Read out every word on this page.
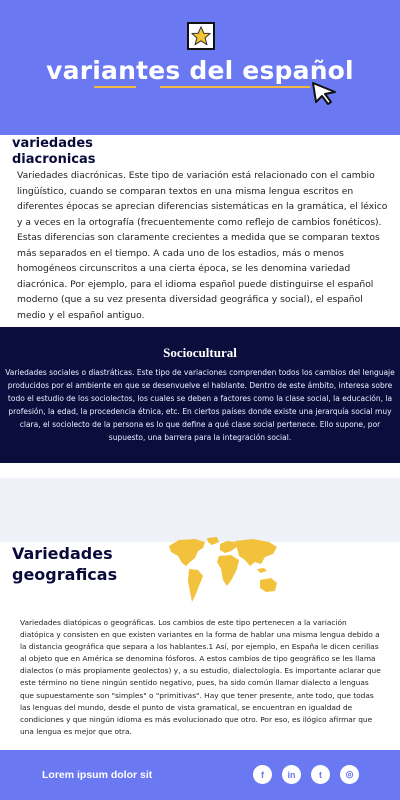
variantes del español
variedades diacronicas

Variedades diacrónicas. Este tipo de variación está relacionado con el cambio lingüístico, cuando se comparan textos en una misma lengua escritos en diferentes épocas se aprecian diferencias sistemáticas en la gramática, el léxico y a veces en la ortografía (frecuentemente como reflejo de cambios fonéticos). Estas diferencias son claramente crecientes a medida que se comparan textos más separados en el tiempo. A cada uno de los estadios, más o menos homogéneos circunscritos a una cierta época, se les denomina variedad diacrónica. Por ejemplo, para el idioma español puede distinguirse el español moderno (que a su vez presenta diversidad geográfica y social), el español medio y el español antiguo.

Sociocultural

Variedades sociales o diastráticas. Este tipo de variaciones comprenden todos los cambios del lenguaje producidos por el ambiente en que se desenvuelve el hablante. Dentro de este ámbito, interesa sobre todo el estudio de los sociolectos, los cuales se deben a factores como la clase social, la educación, la profesión, la edad, la procedencia étnica, etc. En ciertos países donde existe una jerarquía social muy clara, el sociolecto de la persona es lo que define a qué clase social pertenece. Ello supone, por supuesto, una barrera para la integración social.

Variedades geograficas

Variedades diatópicas o geográficas. Los cambios de este tipo pertenecen a la variación diatópica y consisten en que existen variantes en la forma de hablar una misma lengua debido a la distancia geográfica que separa a los hablantes.1 Así, por ejemplo, en España le dicen cerillas al objeto que en América se denomina fósforos. A estos cambios de tipo geográfico se les llama dialectos (o más propiamente geolectos) y, a su estudio, dialectología. Es importante aclarar que este término no tiene ningún sentido negativo, pues, ha sido común llamar dialecto a lenguas que supuestamente son "simples" o "primitivas". Hay que tener presente, ante todo, que todas las lenguas del mundo, desde el punto de vista gramatical, se encuentran en igualdad de condiciones y que ningún idioma es más evolucionado que otro. Por eso, es ilógico afirmar que una lengua es mejor que otra.

Lorem ipsum dolor sit	f	in	t	◎
